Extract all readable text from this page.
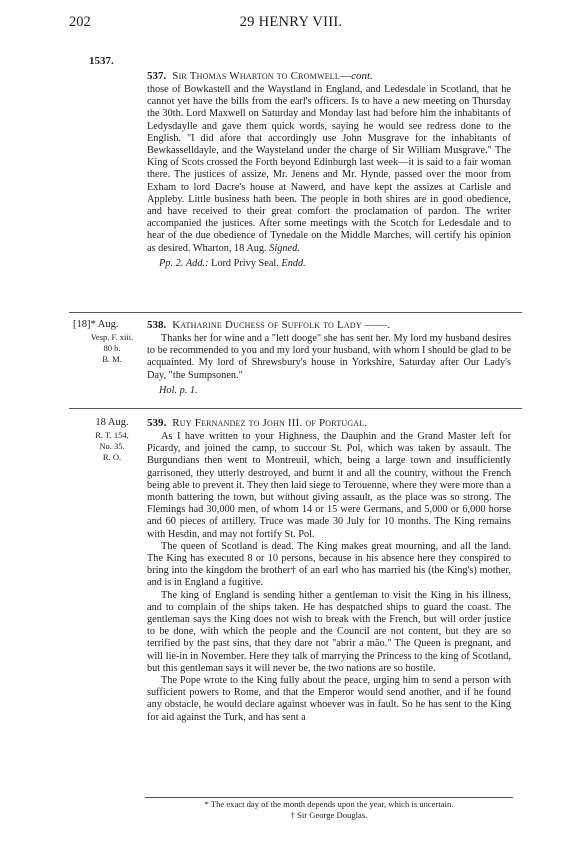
202	29 HENRY VIII.
1537.
537. Sir Thomas Wharton to Cromwell—cont.

those of Bowkastell and the Waystland in England, and Ledesdale in Scotland, that he cannot yet have the bills from the earl's officers. Is to have a new meeting on Thursday the 30th. Lord Maxwell on Saturday and Monday last had before him the inhabitants of Ledysdaylle and gave them quick words, saying he would see redress done to the English. "I did afore that accordingly use John Musgrave for the inhabitants of Bewkasselldayle, and the Waysteland under the charge of Sir William Musgrave." The King of Scots crossed the Forth beyond Edinburgh last week—it is said to a fair woman there. The justices of assize, Mr. Jenens and Mr. Hynde, passed over the moor from Exham to lord Dacre's house at Nawerd, and have kept the assizes at Carlisle and Appleby. Little business hath been. The people in both shires are in good obedience, and have received to their great comfort the proclamation of pardon. The writer accompanied the justices. After some meetings with the Scotch for Ledesdale and to hear of the due obedience of Tynedale on the Middle Marches, will certify his opinion as desired. Wharton, 18 Aug. Signed.

Pp. 2. Add.: Lord Privy Seal. Endd.
[18]* Aug.
Vesp. F. xiii.
80 b.
B. M.
538. Katharine Duchess of Suffolk to Lady ——.

Thanks her for wine and a "lett dooge" she has sent her. My lord my husband desires to be recommended to you and my lord your husband, with whom I should be glad to be acquainted. My lord of Shrewsbury's house in Yorkshire, Saturday after Our Lady's Day, "the Sumpsonen."

Hol. p. 1.
18 Aug.
R. T. 154,
No. 35.
R. O.
539. Ruy Fernandez to John III. of Portugal.

As I have written to your Highness, the Dauphin and the Grand Master left for Picardy, and joined the camp, to succour St. Pol, which was taken by assault. The Burgundians then went to Montreuil, which, being a large town and insufficiently garrisoned, they utterly destroyed, and burnt it and all the country, without the French being able to prevent it. They then laid siege to Terouenne, where they were more than a month battering the town, but without giving assault, as the place was so strong. The Flemings had 30,000 men, of whom 14 or 15 were Germans, and 5,000 or 6,000 horse and 60 pieces of artillery. Truce was made 30 July for 10 months. The King remains with Hesdin, and may not fortify St. Pol.

The queen of Scotland is dead. The King makes great mourning, and all the land. The King has executed 8 or 10 persons, because in his absence here they conspired to bring into the kingdom the brother† of an earl who has married his (the King's) mother, and is in England a fugitive.

The king of England is sending hither a gentleman to visit the King in his illness, and to complain of the ships taken. He has despatched ships to guard the coast. The gentleman says the King does not wish to break with the French, but will order justice to be done, with which the people and the Council are not content, but they are so terrified by the past sins, that they dare not "abrir a mão." The Queen is pregnant, and will lie-in in November. Here they talk of marrying the Princess to the king of Scotland, but this gentleman says it will never be, the two nations are so hostile.

The Pope wrote to the King fully about the peace, urging him to send a person with sufficient powers to Rome, and that the Emperor would send another, and if he found any obstacle, he would declare against whoever was in fault. So he has sent to the King for aid against the Turk, and has sent a

* The exact day of the month depends upon the year, which is uncertain.
† Sir George Douglas.
